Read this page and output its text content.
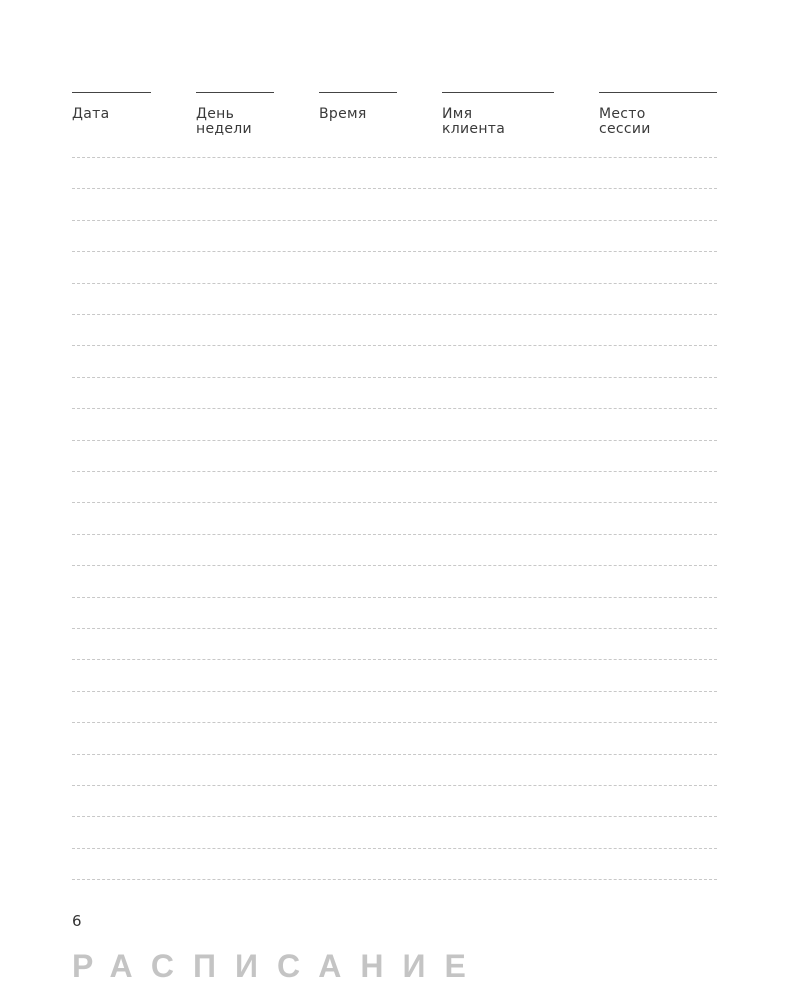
Дата	День
недели
Время	Имя
клиента
Место
сессии
6
РАСПИСАНИЕ
